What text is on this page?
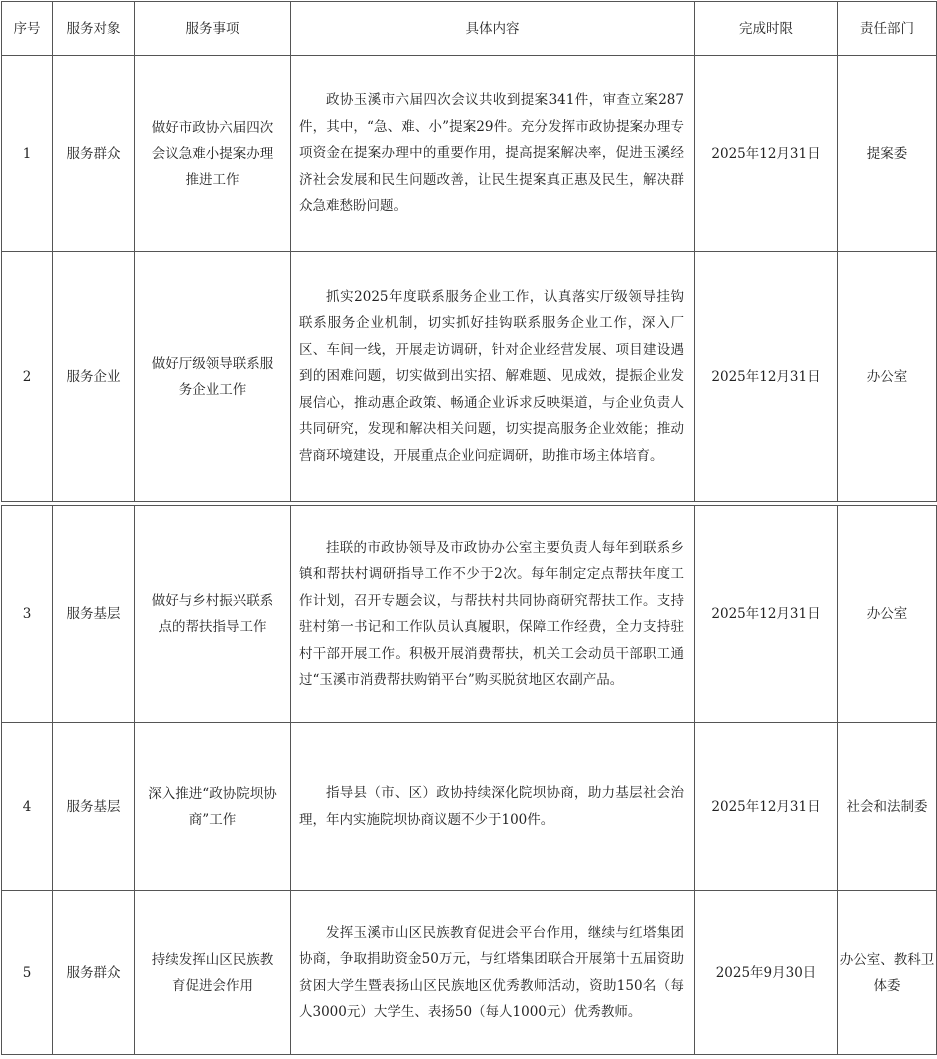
序号	服务对象	服务事项	具体内容	完成时限	责任部门
1	服务群众	做好市政协六届四次会议急难小提案办理推进工作	政协玉溪市六届四次会议共收到提案341件，审查立案287件，其中，“急、难、小”提案29件。充分发挥市政协提案办理专项资金在提案办理中的重要作用，提高提案解决率，促进玉溪经济社会发展和民生问题改善，让民生提案真正惠及民生，解决群众急难愁盼问题。	2025年12月31日	提案委
2	服务企业	做好厅级领导联系服务企业工作	抓实2025年度联系服务企业工作，认真落实厅级领导挂钩联系服务企业机制，切实抓好挂钩联系服务企业工作，深入厂区、车间一线，开展走访调研，针对企业经营发展、项目建设遇到的困难问题，切实做到出实招、解难题、见成效，提振企业发展信心，推动惠企政策、畅通企业诉求反映渠道，与企业负责人共同研究，发现和解决相关问题，切实提高服务企业效能；推动营商环境建设，开展重点企业问症调研，助推市场主体培育。	2025年12月31日	办公室
3	服务基层	做好与乡村振兴联系点的帮扶指导工作	挂联的市政协领导及市政协办公室主要负责人每年到联系乡镇和帮扶村调研指导工作不少于2次。每年制定定点帮扶年度工作计划，召开专题会议，与帮扶村共同协商研究帮扶工作。支持驻村第一书记和工作队员认真履职，保障工作经费，全力支持驻村干部开展工作。积极开展消费帮扶，机关工会动员干部职工通过“玉溪市消费帮扶购销平台”购买脱贫地区农副产品。	2025年12月31日	办公室
4	服务基层	深入推进“政协院坝协商”工作	指导县（市、区）政协持续深化院坝协商，助力基层社会治理，年内实施院坝协商议题不少于100件。	2025年12月31日	社会和法制委
5	服务群众	持续发挥山区民族教育促进会作用	发挥玉溪市山区民族教育促进会平台作用，继续与红塔集团协商，争取捐助资金50万元，与红塔集团联合开展第十五届资助贫困大学生暨表扬山区民族地区优秀教师活动，资助150名（每人3000元）大学生、表扬50（每人1000元）优秀教师。	2025年9月30日	办公室、教科卫体委
